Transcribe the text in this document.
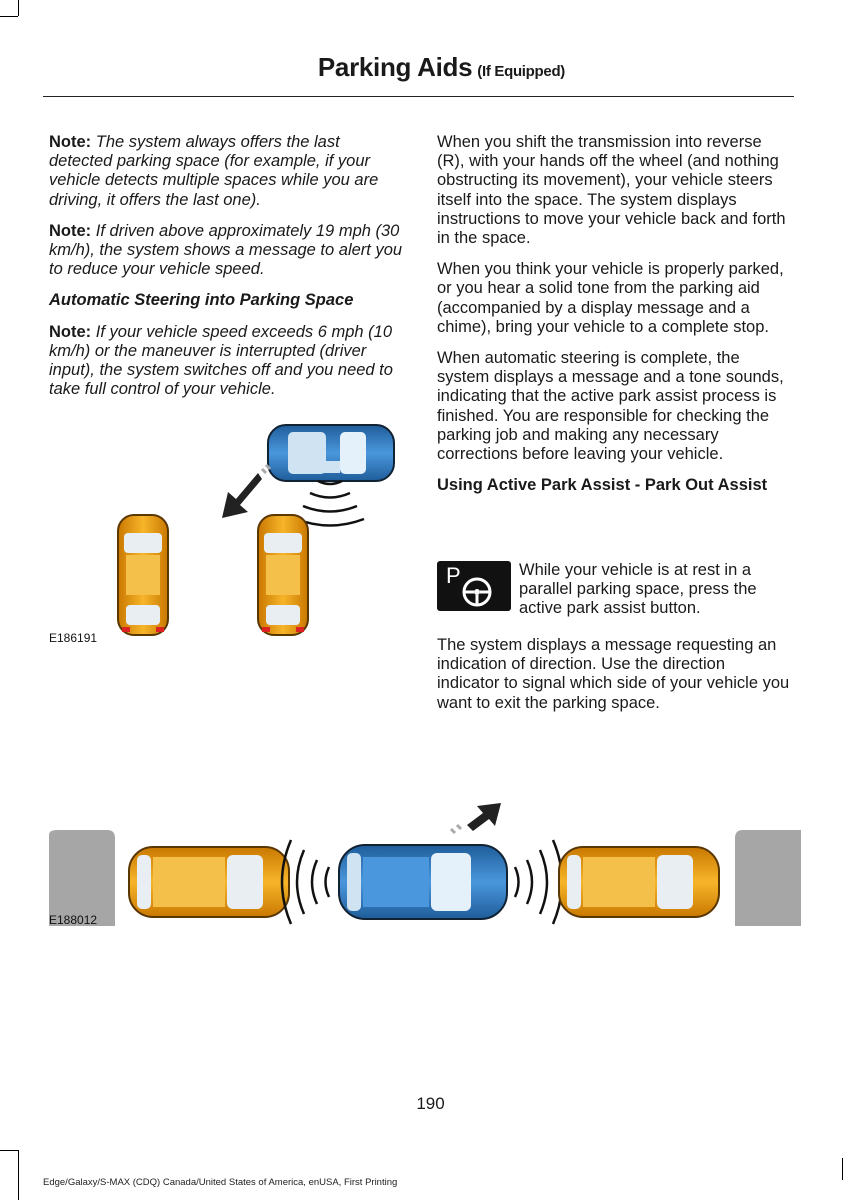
Parking Aids (If Equipped)

Note: The system always offers the last detected parking space (for example, if your vehicle detects multiple spaces while you are driving, it offers the last one).

Note: If driven above approximately 19 mph (30 km/h), the system shows a message to alert you to reduce your vehicle speed.

Automatic Steering into Parking Space

Note: If your vehicle speed exceeds 6 mph (10 km/h) or the maneuver is interrupted (driver input), the system switches off and you need to take full control of your vehicle.

E186191

When you shift the transmission into reverse (R), with your hands off the wheel (and nothing obstructing its movement), your vehicle steers itself into the space. The system displays instructions to move your vehicle back and forth in the space.

When you think your vehicle is properly parked, or you hear a solid tone from the parking aid (accompanied by a display message and a chime), bring your vehicle to a complete stop.

When automatic steering is complete, the system displays a message and a tone sounds, indicating that the active park assist process is finished. You are responsible for checking the parking job and making any necessary corrections before leaving your vehicle.

Using Active Park Assist - Park Out Assist

P	While your vehicle is at rest in a parallel parking space, press the active park assist button.

The system displays a message requesting an indication of direction. Use the direction indicator to signal which side of your vehicle you want to exit the parking space.

E188012
190
Edge/Galaxy/S-MAX (CDQ) Canada/United States of America, enUSA, First Printing
